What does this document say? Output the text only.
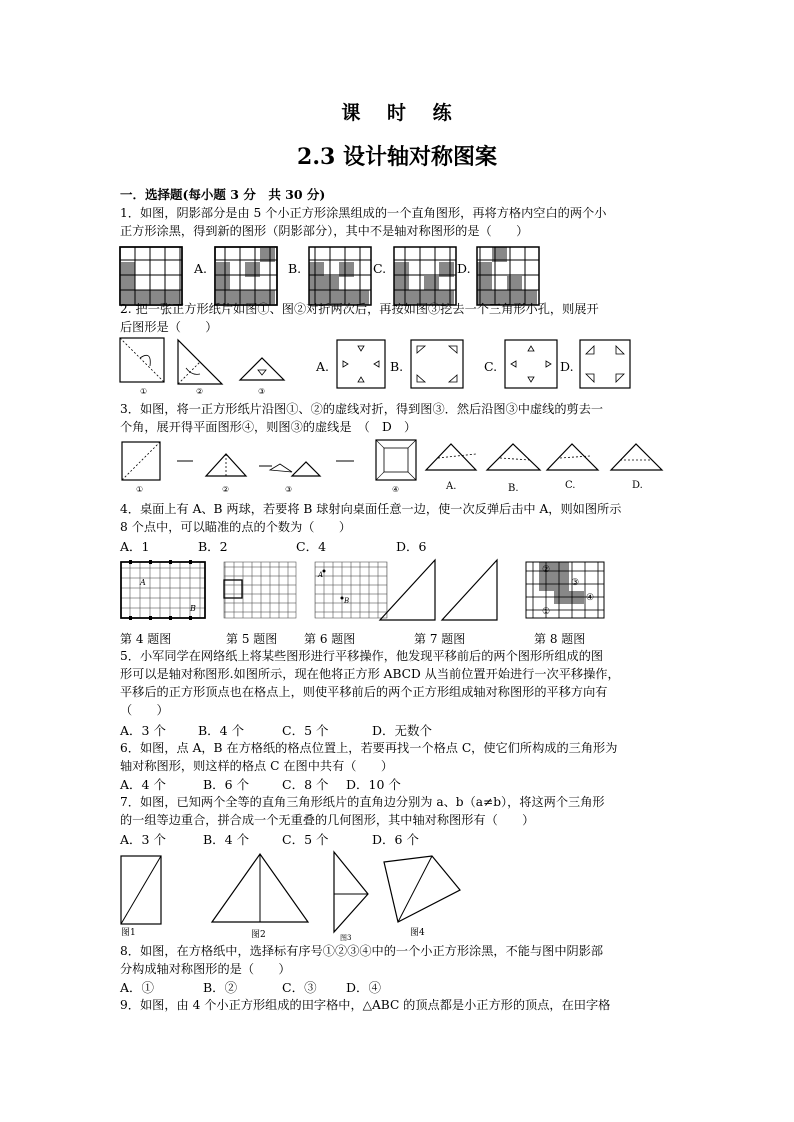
课 时 练
2.3 设计轴对称图案
一．选择题(每小题 3 分　共 30 分)
1．如图，阴影部分是由 5 个小正方形涂黑组成的一个直角图形，再将方格内空白的两个小
正方形涂黑，得到新的图形（阴影部分），其中不是轴对称图形的是（　　）
A.	B.	C.	D.
2. 把一张正方形纸片如图①、图②对折两次后，再按如图③挖去一个三角形小孔，则展开
后图形是（　　）
①	②	③
A.	B.	C.	D.
3．如图，将一正方形纸片沿图①、②的虚线对折，得到图③．然后沿图③中虚线的剪去一
个角，展开得平面图形④，则图③的虚线是　（　D　）
①	②	③	④	A.	B.	C.	D.
4．桌面上有 A、B 两球，若要将 B 球射向桌面任意一边，使一次反弹后击中 A，则如图所示
8 个点中，可以瞄准的点的个数为（　　）
A．1	B．2	C．4	D．6
A
B
A
B
②
③
④
①
第 4 题图	第 5 题图 第 6 题图	第 7 题图	第 8 题图
5．小军同学在网络纸上将某些图形进行平移操作，他发现平移前后的两个图形所组成的图
形可以是轴对称图形.如图所示，现在他将正方形 ABCD 从当前位置开始进行一次平移操作，
平移后的正方形顶点也在格点上，则使平移前后的两个正方形组成轴对称图形的平移方向有
（　　）
A．3 个	B．4 个	C．5 个	D．无数个
6．如图，点 A，B 在方格纸的格点位置上，若要再找一个格点 C，使它们所构成的三角形为
轴对称图形，则这样的格点 C 在图中共有（　　）
A．4 个	B．6 个	C．8 个 D．10 个
7．如图，已知两个全等的直角三角形纸片的直角边分别为 a、b（a≠b），将这两个三角形
的一组等边重合，拼合成一个无重叠的几何图形，其中轴对称图形有（　　）
A．3 个	B．4 个	C．5 个	D．6 个
图1	图2	图3	图4
8．如图，在方格纸中，选择标有序号①②③④中的一个小正方形涂黑，不能与图中阴影部
分构成轴对称图形的是（　　）
A．①	B．②	C．③ D．④
9．如图，由 4 个小正方形组成的田字格中，△ABC 的顶点都是小正方形的顶点，在田字格
